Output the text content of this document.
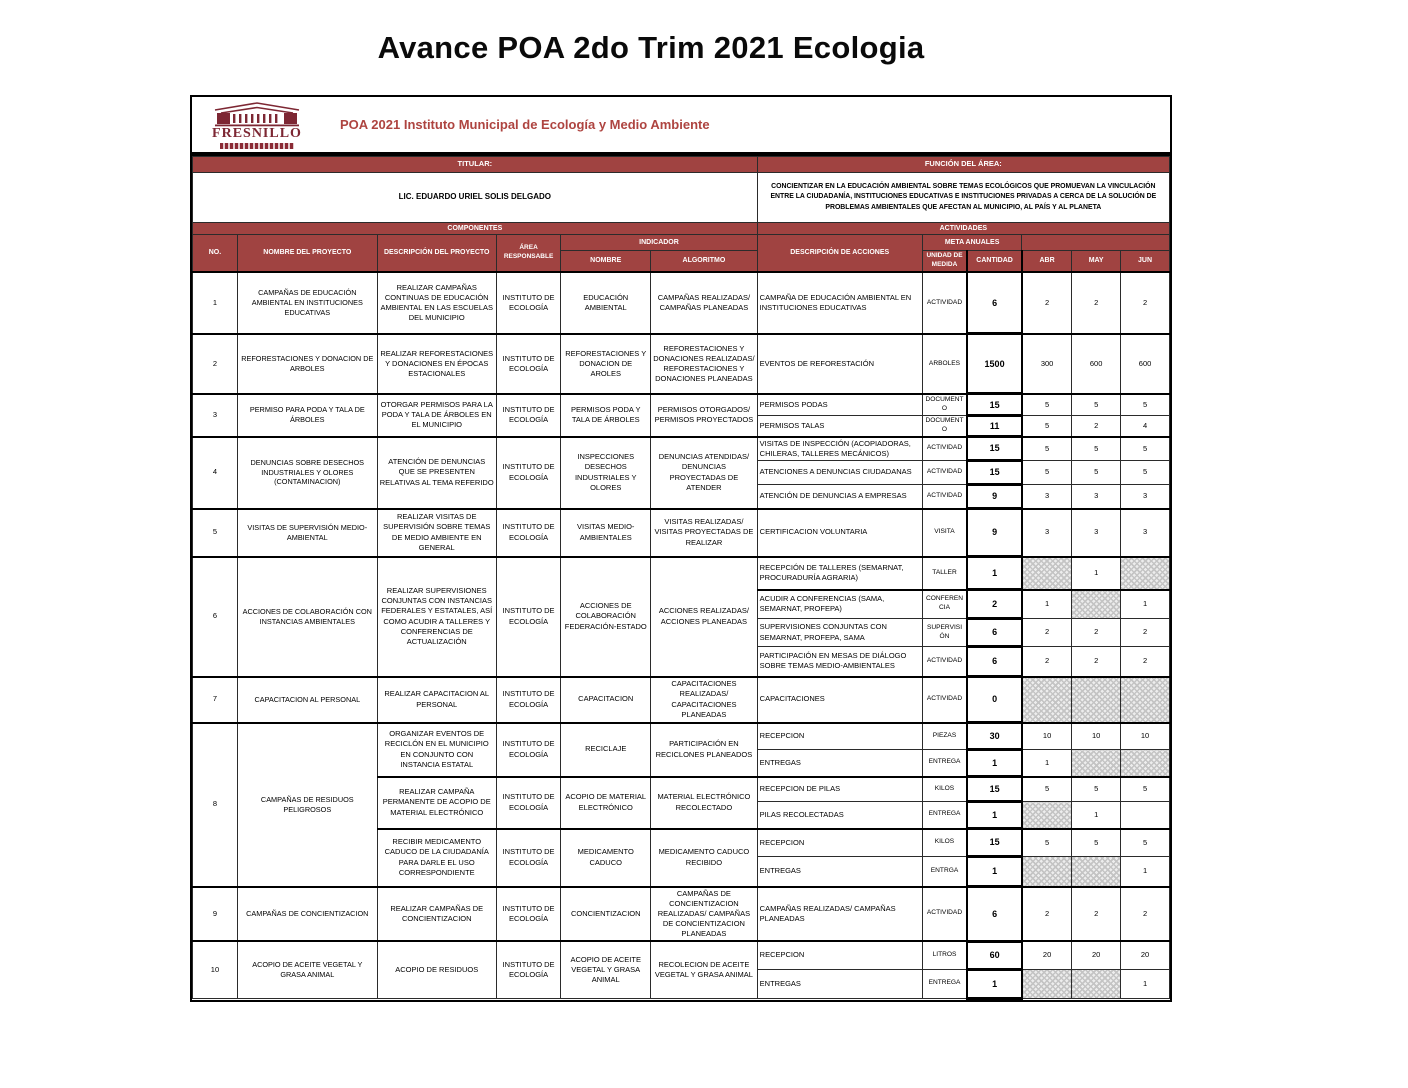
Avance POA 2do Trim 2021 Ecologia
FRESNILLO
POA 2021 Instituto Municipal de Ecología y Medio Ambiente
TITULAR:						FUNCIÓN DEL ÁREA:					
LIC. EDUARDO URIEL SOLIS DELGADO						CONCIENTIZAR EN LA EDUCACIÓN AMBIENTAL SOBRE TEMAS ECOLÓGICOS QUE PROMUEVAN LA VINCULACIÓN ENTRE LA CIUDADANÍA, INSTITUCIONES EDUCATIVAS E INSTITUCIONES PRIVADAS A CERCA DE LA SOLUCIÓN DE PROBLEMAS AMBIENTALES QUE AFECTAN AL MUNICIPIO, AL PAÍS Y AL PLANETA					
COMPONENTES						ACTIVIDADES					
NO.	NOMBRE DEL PROYECTO	DESCRIPCIÓN DEL PROYECTO	ÁREA RESPONSABLE	INDICADOR		DESCRIPCIÓN DE ACCIONES	META ANUALES				
				NOMBRE	ALGORITMO		UNIDAD DE MEDIDA	CANTIDAD	ABR	MAY	JUN
1	CAMPAÑAS DE EDUCACIÓN AMBIENTAL EN INSTITUCIONES EDUCATIVAS	REALIZAR CAMPAÑAS CONTINUAS DE EDUCACIÓN AMBIENTAL EN LAS ESCUELAS DEL MUNICIPIO	INSTITUTO DE ECOLOGÍA	EDUCACIÓN AMBIENTAL	CAMPAÑAS REALIZADAS/ CAMPAÑAS PLANEADAS	CAMPAÑA DE EDUCACIÓN AMBIENTAL EN INSTITUCIONES EDUCATIVAS	ACTIVIDAD	6	2	2	2
2	REFORESTACIONES Y DONACION DE ARBOLES	REALIZAR REFORESTACIONES Y DONACIONES EN ÉPOCAS ESTACIONALES	INSTITUTO DE ECOLOGÍA	REFORESTACIONES Y DONACION DE AROLES	REFORESTACIONES Y DONACIONES REALIZADAS/ REFORESTACIONES Y DONACIONES PLANEADAS	EVENTOS DE REFORESTACIÓN	ARBOLES	1500	300	600	600
3	PERMISO PARA PODA Y TALA DE ÁRBOLES	OTORGAR PERMISOS PARA LA PODA Y TALA DE ÁRBOLES EN EL MUNICIPIO	INSTITUTO DE ECOLOGÍA	PERMISOS PODA Y TALA DE ÁRBOLES	PERMISOS OTORGADOS/ PERMISOS PROYECTADOS	PERMISOS PODAS	DOCUMENTO	15	5	5	5
						PERMISOS TALAS	DOCUMENTO	11	5	2	4
4	DENUNCIAS SOBRE DESECHOS INDUSTRIALES Y OLORES (CONTAMINACION)	ATENCIÓN DE DENUNCIAS QUE SE PRESENTEN RELATIVAS AL TEMA REFERIDO	INSTITUTO DE ECOLOGÍA	INSPECCIONES DESECHOS INDUSTRIALES Y OLORES	DENUNCIAS ATENDIDAS/ DENUNCIAS PROYECTADAS DE ATENDER	VISITAS DE INSPECCIÓN (ACOPIADORAS, CHILERAS, TALLERES MECÁNICOS)	ACTIVIDAD	15	5	5	5
						ATENCIONES A DENUNCIAS CIUDADANAS	ACTIVIDAD	15	5	5	5
						ATENCIÓN DE DENUNCIAS A EMPRESAS	ACTIVIDAD	9	3	3	3
5	VISITAS DE SUPERVISIÓN MEDIO-AMBIENTAL	REALIZAR VISITAS DE SUPERVISIÓN SOBRE TEMAS DE MEDIO AMBIENTE EN GENERAL	INSTITUTO DE ECOLOGÍA	VISITAS MEDIO-AMBIENTALES	VISITAS REALIZADAS/ VISITAS PROYECTADAS DE REALIZAR	CERTIFICACION VOLUNTARIA	VISITA	9	3	3	3
6	ACCIONES DE COLABORACIÓN CON INSTANCIAS AMBIENTALES	REALIZAR SUPERVISIONES CONJUNTAS CON INSTANCIAS FEDERALES Y ESTATALES, ASÍ COMO ACUDIR A TALLERES Y CONFERENCIAS DE ACTUALIZACIÓN	INSTITUTO DE ECOLOGÍA	ACCIONES DE COLABORACIÓN FEDERACIÓN-ESTADO	ACCIONES REALIZADAS/ ACCIONES PLANEADAS	RECEPCIÓN DE TALLERES (SEMARNAT, PROCURADURÍA AGRARIA)	TALLER	1		1	
						ACUDIR A CONFERENCIAS (SAMA, SEMARNAT, PROFEPA)	CONFERENCIA	2	1		1
						SUPERVISIONES CONJUNTAS CON SEMARNAT, PROFEPA, SAMA	SUPERVISIÓN	6	2	2	2
						PARTICIPACIÓN EN MESAS DE DIÁLOGO SOBRE TEMAS MEDIO-AMBIENTALES	ACTIVIDAD	6	2	2	2
7	CAPACITACION AL PERSONAL	REALIZAR CAPACITACION AL PERSONAL	INSTITUTO DE ECOLOGÍA	CAPACITACION	CAPACITACIONES REALIZADAS/ CAPACITACIONES PLANEADAS	CAPACITACIONES	ACTIVIDAD	0			
8	CAMPAÑAS DE RESIDUOS PELIGROSOS	ORGANIZAR EVENTOS DE RECICLÓN EN EL MUNICIPIO EN CONJUNTO CON INSTANCIA ESTATAL	INSTITUTO DE ECOLOGÍA	RECICLAJE	PARTICIPACIÓN EN RECICLONES PLANEADOS	RECEPCION	PIEZAS	30	10	10	10
						ENTREGAS	ENTREGA	1	1		
		REALIZAR CAMPAÑA PERMANENTE DE ACOPIO DE MATERIAL ELECTRÓNICO	INSTITUTO DE ECOLOGÍA	ACOPIO DE MATERIAL ELECTRÓNICO	MATERIAL ELECTRÓNICO RECOLECTADO	RECEPCION DE PILAS	KILOS	15	5	5	5
						PILAS RECOLECTADAS	ENTREGA	1		1	
		RECIBIR MEDICAMENTO CADUCO DE LA CIUDADANÍA PARA DARLE EL USO CORRESPONDIENTE	INSTITUTO DE ECOLOGÍA	MEDICAMENTO CADUCO	MEDICAMENTO CADUCO RECIBIDO	RECEPCION	KILOS	15	5	5	5
						ENTREGAS	ENTRGA	1			1
9	CAMPAÑAS DE CONCIENTIZACION	REALIZAR CAMPAÑAS DE CONCIENTIZACION	INSTITUTO DE ECOLOGÍA	CONCIENTIZACION	CAMPAÑAS DE CONCIENTIZACION REALIZADAS/ CAMPAÑAS DE CONCIENTIZACION PLANEADAS	CAMPAÑAS REALIZADAS/ CAMPAÑAS PLANEADAS	ACTIVIDAD	6	2	2	2
10	ACOPIO DE ACEITE VEGETAL Y GRASA ANIMAL	ACOPIO DE RESIDUOS	INSTITUTO DE ECOLOGÍA	ACOPIO DE ACEITE VEGETAL Y GRASA ANIMAL	RECOLECION DE ACEITE VEGETAL Y GRASA ANIMAL	RECEPCION	LITROS	60	20	20	20
						ENTREGAS	ENTREGA	1			1
